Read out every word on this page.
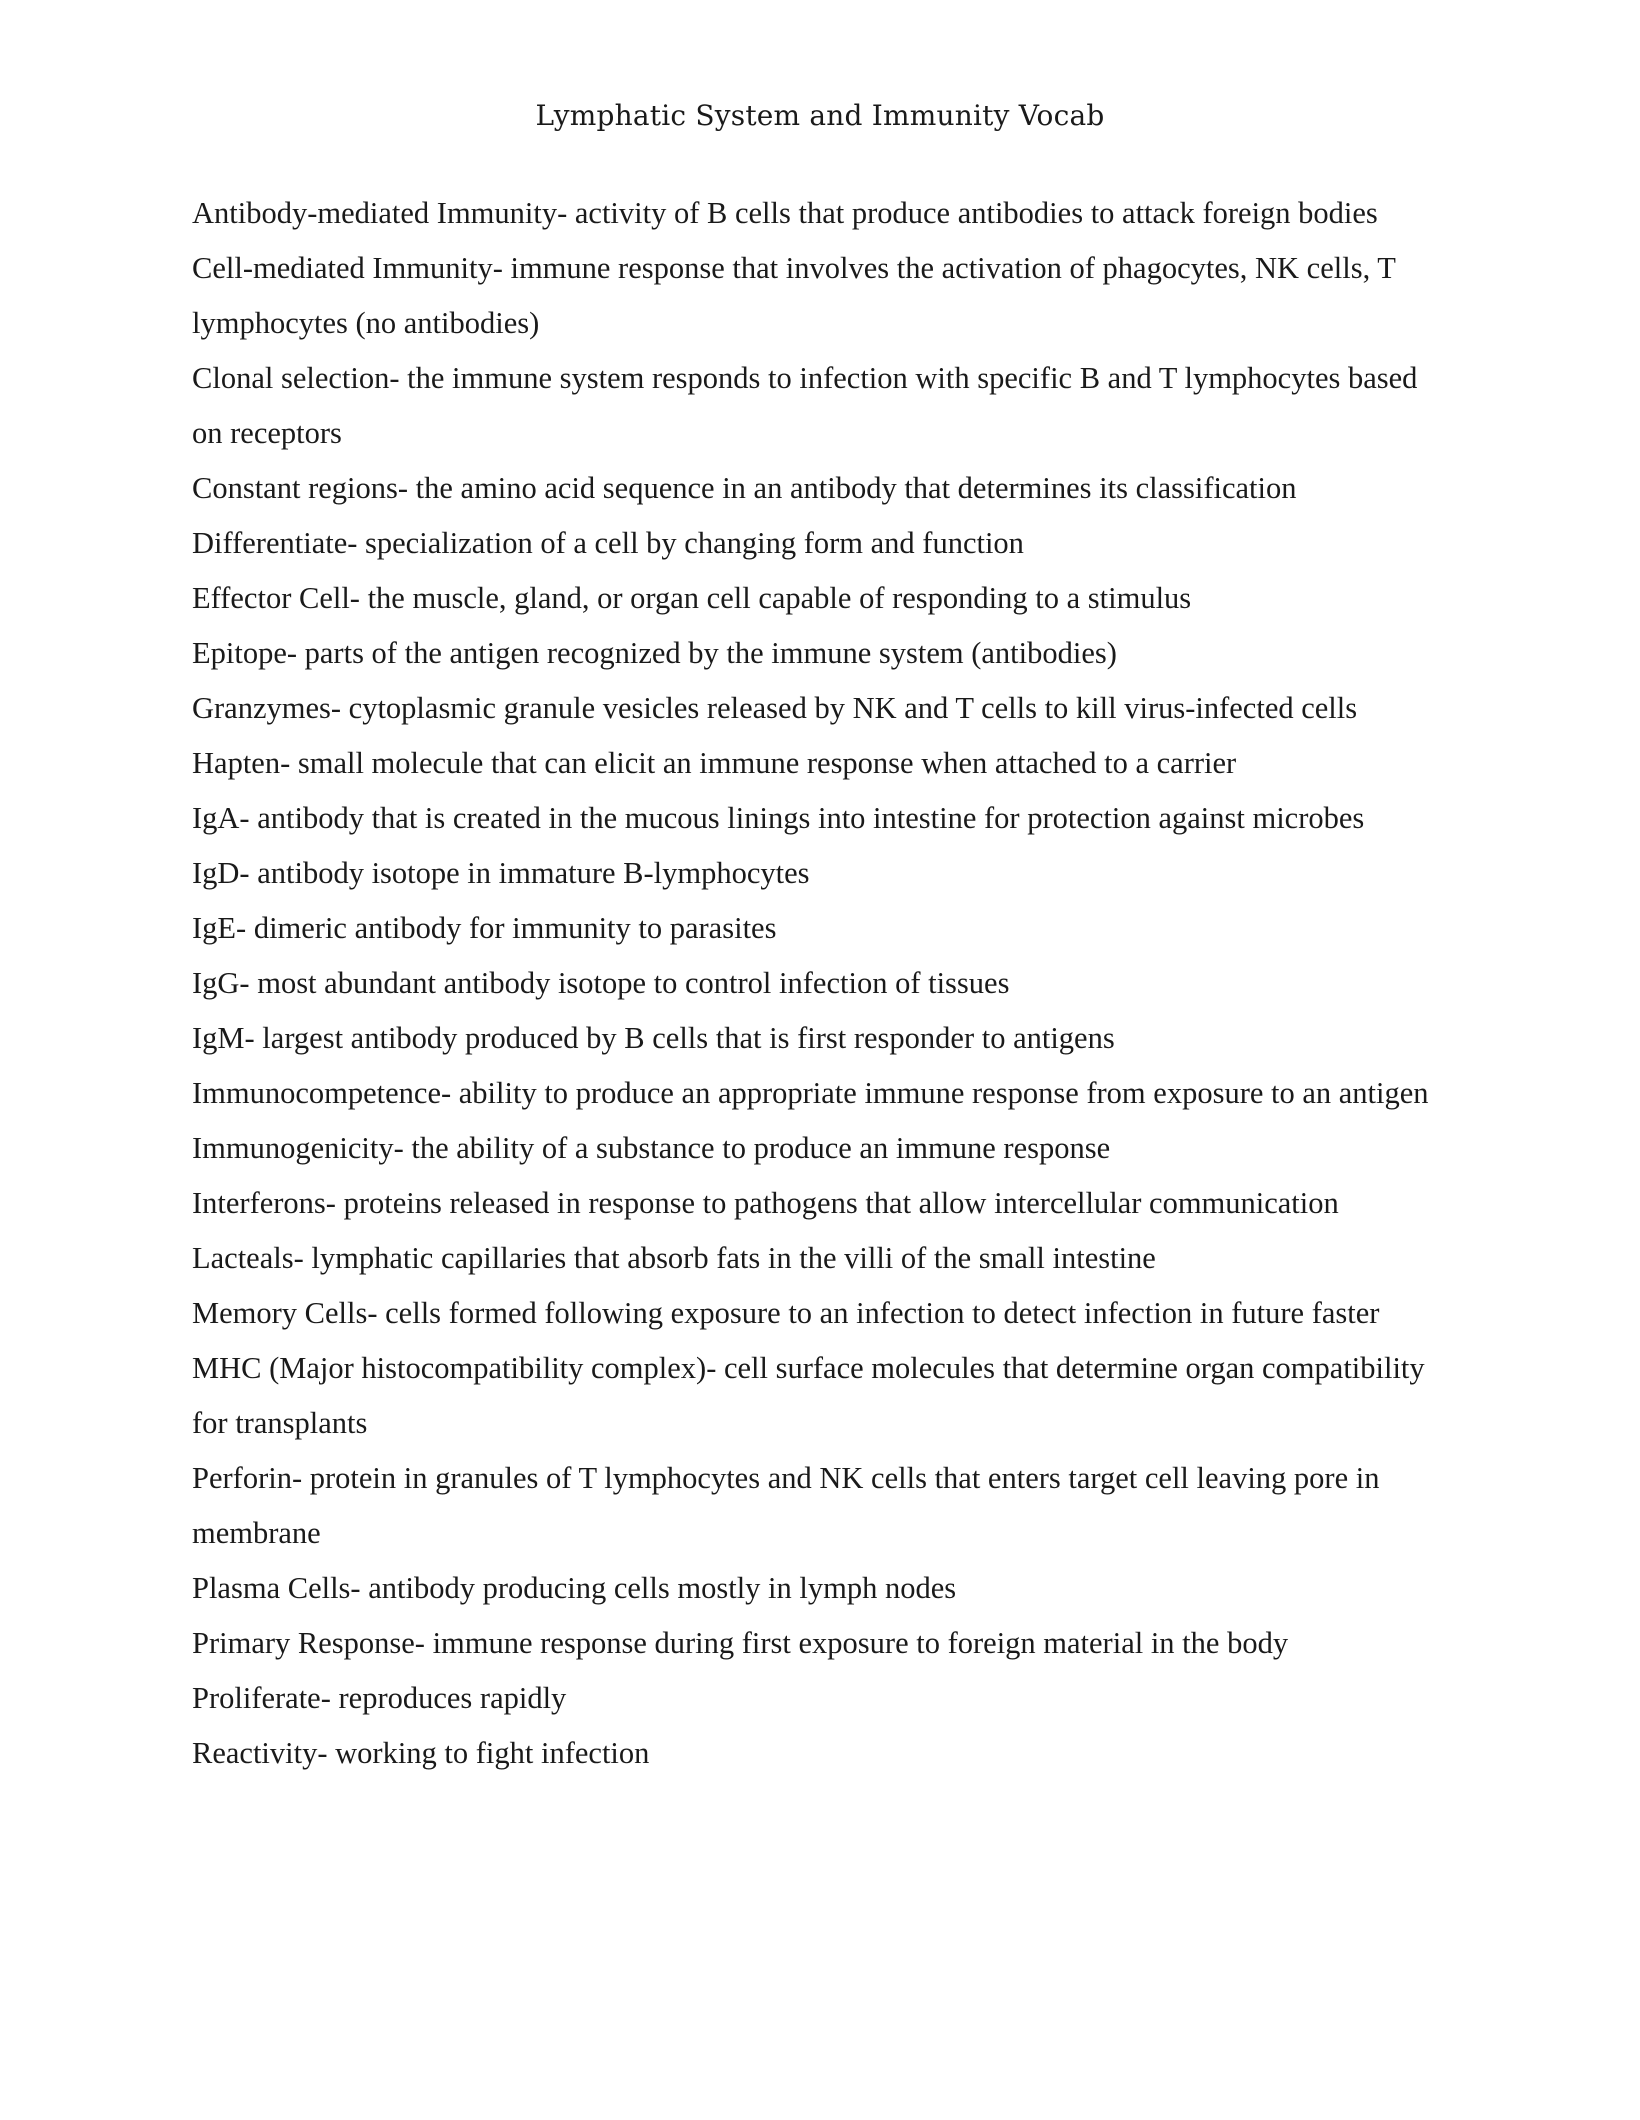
Lymphatic System and Immunity Vocab
Antibody-mediated Immunity- activity of B cells that produce antibodies to attack foreign bodies
Cell-mediated Immunity- immune response that involves the activation of phagocytes, NK cells, T lymphocytes (no antibodies)
Clonal selection- the immune system responds to infection with specific B and T lymphocytes based on receptors
Constant regions- the amino acid sequence in an antibody that determines its classification
Differentiate- specialization of a cell by changing form and function
Effector Cell- the muscle, gland, or organ cell capable of responding to a stimulus
Epitope- parts of the antigen recognized by the immune system (antibodies)
Granzymes- cytoplasmic granule vesicles released by NK and T cells to kill virus-infected cells
Hapten- small molecule that can elicit an immune response when attached to a carrier
IgA- antibody that is created in the mucous linings into intestine for protection against microbes
IgD- antibody isotope in immature B-lymphocytes
IgE- dimeric antibody for immunity to parasites
IgG- most abundant antibody isotope to control infection of tissues
IgM- largest antibody produced by B cells that is first responder to antigens
Immunocompetence- ability to produce an appropriate immune response from exposure to an antigen
Immunogenicity- the ability of a substance to produce an immune response
Interferons- proteins released in response to pathogens that allow intercellular communication
Lacteals- lymphatic capillaries that absorb fats in the villi of the small intestine
Memory Cells- cells formed following exposure to an infection to detect infection in future faster
MHC (Major histocompatibility complex)- cell surface molecules that determine organ compatibility for transplants
Perforin- protein in granules of T lymphocytes and NK cells that enters target cell leaving pore in membrane
Plasma Cells- antibody producing cells mostly in lymph nodes
Primary Response- immune response during first exposure to foreign material in the body
Proliferate- reproduces rapidly
Reactivity- working to fight infection
